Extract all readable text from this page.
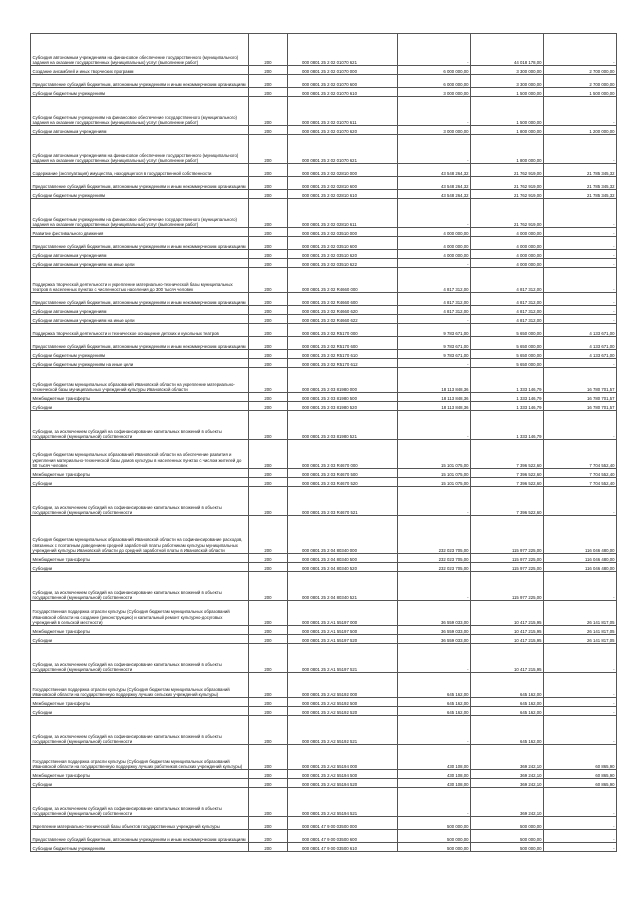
Субсидия автономным учреждениям на финансовое обеспечение государственного (муниципального) задания на оказание государственных (муниципальных) услуг (выполнение работ)	200	000 0801 25 2 02 01070 621	-	44 018 178,00	-
Создание ансамблей и иных творческих программ	200	000 0801 25 2 02 01070 000	6 000 000,00	3 300 000,00	2 700 000,00
Предоставление субсидий бюджетным, автономным учреждениям и иным некоммерческим организациям	200	000 0801 25 2 02 01070 600	6 000 000,00	3 300 000,00	2 700 000,00
Субсидии бюджетным учреждениям	200	000 0801 25 2 02 01070 610	3 000 000,00	1 500 000,00	1 500 000,00
Субсидии бюджетным учреждениям на финансовое обеспечение государственного (муниципального) задания на оказание государственных (муниципальных) услуг (выполнение работ)	200	000 0801 25 2 02 01070 611	-	1 500 000,00	-
Субсидии автономным учреждениям	200	000 0801 25 2 02 01070 620	3 000 000,00	1 800 000,00	1 200 000,00
Субсидии автономным учреждениям на финансовое обеспечение государственного (муниципального) задания на оказание государственных (муниципальных) услуг (выполнение работ)	200	000 0801 25 2 02 01070 621	-	1 800 000,00	-
Содержание (эксплуатация) имущества, находящегося в государственной собственности	200	000 0801 25 2 02 02810 000	43 548 264,32	21 762 919,00	21 785 345,32
Предоставление субсидий бюджетным, автономным учреждениям и иным некоммерческим организациям	200	000 0801 25 2 02 02810 600	43 548 264,32	21 762 919,00	21 785 345,32
Субсидии бюджетным учреждениям	200	000 0801 25 2 02 02810 610	43 548 264,32	21 762 919,00	21 785 345,32
Субсидии бюджетным учреждениям на финансовое обеспечение государственного (муниципального) задания на оказание государственных (муниципальных) услуг (выполнение работ)	200	000 0801 25 2 02 02810 611	-	21 762 919,00	-
Развитие фестивального движения	200	000 0801 25 2 02 03510 000	4 000 000,00	4 000 000,00	-
Предоставление субсидий бюджетным, автономным учреждениям и иным некоммерческим организациям	200	000 0801 25 2 02 03510 600	4 000 000,00	4 000 000,00	-
Субсидии автономным учреждениям	200	000 0801 25 2 02 03510 620	4 000 000,00	4 000 000,00	-
Субсидии автономным учреждениям на иные цели	200	000 0801 25 2 02 03510 622	-	4 000 000,00	-
Поддержка творческой деятельности и укрепление материально-технической базы муниципальных театров в населенных пунктах с численностью населения до 300 тысяч человек	200	000 0801 25 2 02 R4660 000	4 817 312,00	4 817 312,00	-
Предоставление субсидий бюджетным, автономным учреждениям и иным некоммерческим организациям	200	000 0801 25 2 02 R4660 600	4 817 312,00	4 817 312,00	-
Субсидии автономным учреждениям	200	000 0801 25 2 02 R4660 620	4 817 312,00	4 817 312,00	-
Субсидии автономным учреждениям на иные цели	200	000 0801 25 2 02 R4660 622	-	4 817 312,00	-
Поддержка творческой деятельности и техническое оснащение детских и кукольных театров	200	000 0801 25 2 02 R5170 000	9 783 671,00	5 650 000,00	4 133 671,00
Предоставление субсидий бюджетным, автономным учреждениям и иным некоммерческим организациям	200	000 0801 25 2 02 R5170 600	9 783 671,00	5 650 000,00	4 133 671,00
Субсидии бюджетным учреждениям	200	000 0801 25 2 02 R5170 610	9 783 671,00	5 650 000,00	4 133 671,00
Субсидии бюджетным учреждениям на иные цели	200	000 0801 25 2 02 R5170 612	-	5 650 000,00	-
Субсидия бюджетам муниципальных образований Ивановской области на укрепление материально-технической базы муниципальных учреждений культуры Ивановской области	200	000 0801 25 2 03 81980 000	18 113 848,36	1 333 146,79	16 780 701,57
Межбюджетные трансферты	200	000 0801 25 2 03 81980 500	18 113 848,36	1 333 146,79	16 780 701,57
Субсидии	200	000 0801 25 2 03 81980 520	18 113 848,36	1 333 146,79	16 780 701,57
Субсидии, за исключением субсидий на софинансирование капитальных вложений в объекты государственной (муниципальной) собственности	200	000 0801 25 2 03 81980 521	-	1 333 146,79	-
Субсидия бюджетам муниципальных образований Ивановской области на обеспечение развития и укрепления материально-технической базы домов культуры в населенных пунктах с числом жителей до 50 тысяч человек	200	000 0801 25 2 03 R4670 000	15 101 075,00	7 396 522,60	7 704 552,40
Межбюджетные трансферты	200	000 0801 25 2 03 R4670 500	15 101 075,00	7 396 522,60	7 704 552,40
Субсидии	200	000 0801 25 2 03 R4670 520	15 101 075,00	7 396 522,60	7 704 552,40
Субсидии, за исключением субсидий на софинансирование капитальных вложений в объекты государственной (муниципальной) собственности	200	000 0801 25 2 03 R4670 521	-	7 396 522,60	-
Субсидия бюджетам муниципальных образований Ивановской области на софинансирование расходов, связанных с поэтапным доведением средней заработной платы работникам культуры муниципальных учреждений культуры Ивановской области до средней заработной платы в Ивановской области	200	000 0801 25 2 04 80340 000	232 023 705,00	115 977 225,00	116 046 480,00
Межбюджетные трансферты	200	000 0801 25 2 04 80340 500	232 023 705,00	115 977 225,00	116 046 480,00
Субсидии	200	000 0801 25 2 04 80340 520	232 023 705,00	115 977 225,00	116 046 480,00
Субсидии, за исключением субсидий на софинансирование капитальных вложений в объекты государственной (муниципальной) собственности	200	000 0801 25 2 04 80340 521	-	115 977 225,00	-
Государственная поддержка отрасли культуры (Субсидия бюджетам муниципальных образований Ивановской области на создание (реконструкцию) и капитальный ремонт культурно-досуговых учреждений в сельской местности)	200	000 0801 25 2 A1 55197 000	36 559 033,00	10 417 215,95	26 141 817,05
Межбюджетные трансферты	200	000 0801 25 2 A1 55197 500	36 559 033,00	10 417 215,95	26 141 817,05
Субсидии	200	000 0801 25 2 A1 55197 520	36 559 033,00	10 417 215,95	26 141 817,05
Субсидии, за исключением субсидий на софинансирование капитальных вложений в объекты государственной (муниципальной) собственности	200	000 0801 25 2 A1 55197 521	-	10 417 215,95	-
Государственная поддержка отрасли культуры (Субсидия бюджетам муниципальных образований Ивановской области на государственную поддержку лучших сельских учреждений культуры)	200	000 0801 25 2 A2 55192 000	645 162,00	645 162,00	-
Межбюджетные трансферты	200	000 0801 25 2 A2 55192 500	645 162,00	645 162,00	-
Субсидии	200	000 0801 25 2 A2 55192 520	645 162,00	645 162,00	-
Субсидии, за исключением субсидий на софинансирование капитальных вложений в объекты государственной (муниципальной) собственности	200	000 0801 25 2 A2 55192 521	-	645 162,00	-
Государственная поддержка отрасли культуры (Субсидия бюджетам муниципальных образований Ивановской области на государственную поддержку лучших работников сельских учреждений культуры)	200	000 0801 25 2 A2 55194 000	430 108,00	369 242,10	60 865,90
Межбюджетные трансферты	200	000 0801 25 2 A2 55194 500	430 108,00	369 242,10	60 865,90
Субсидии	200	000 0801 25 2 A2 55194 520	430 108,00	369 242,10	60 865,90
Субсидии, за исключением субсидий на софинансирование капитальных вложений в объекты государственной (муниципальной) собственности	200	000 0801 25 2 A2 55194 521	-	369 242,10	-
Укрепление материально-технической базы объектов государственных учреждений культуры	200	000 0801 47 9 00 03500 000	500 000,00	500 000,00	-
Предоставление субсидий бюджетным, автономным учреждениям и иным некоммерческим организациям	200	000 0801 47 9 00 03500 600	500 000,00	500 000,00	-
Субсидии бюджетным учреждениям	200	000 0801 47 9 00 03500 610	500 000,00	500 000,00	-
